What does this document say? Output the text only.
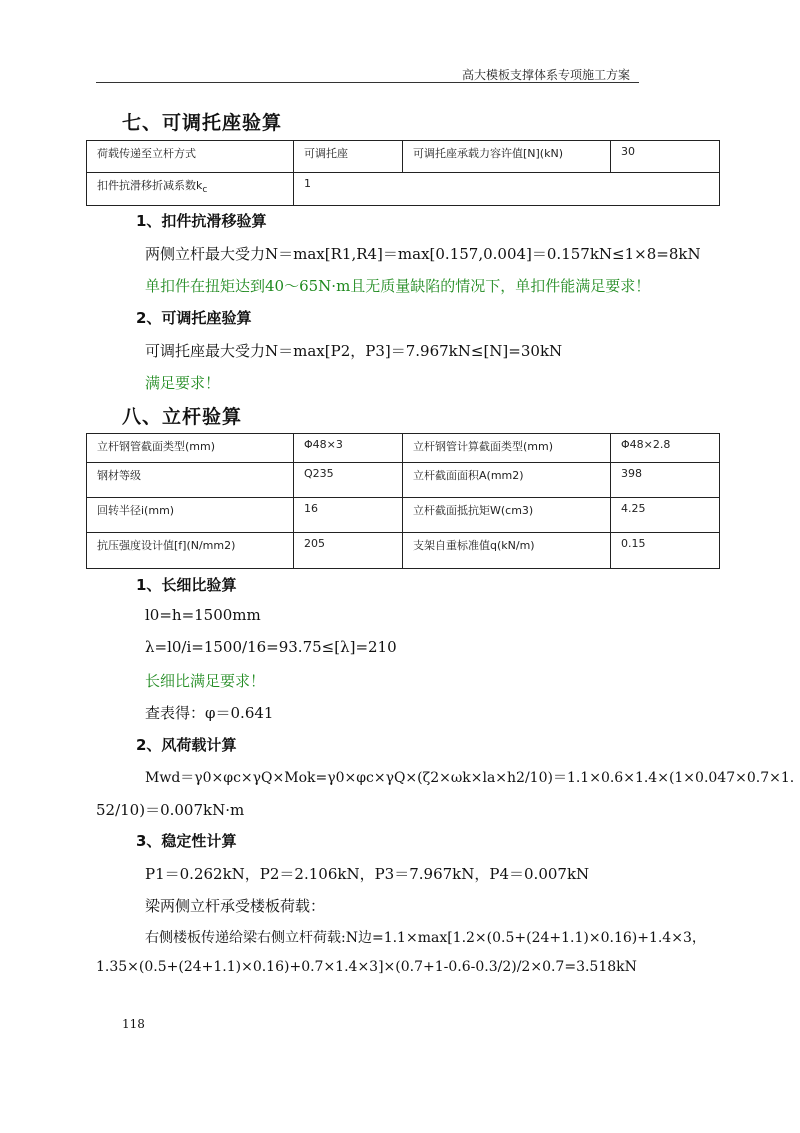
高大模板支撑体系专项施工方案
七、可调托座验算
荷载传递至立杆方式	可调托座	可调托座承载力容许值[N](kN)	30
扣件抗滑移折减系数$k_c$	1		
1、扣件抗滑移验算
两侧立杆最大受力N＝max[R1,R4]＝max[0.157,0.004]＝0.157kN≤1×8=8kN
单扣件在扭矩达到40～65N·m且无质量缺陷的情况下，单扣件能满足要求！
2、可调托座验算
可调托座最大受力N＝max[P2，P3]＝7.967kN≤[N]=30kN
满足要求！
八、立杆验算
立杆钢管截面类型(mm)	Φ48×3	立杆钢管计算截面类型(mm)	Φ48×2.8
钢材等级	Q235	立杆截面面积A(mm2)	398
回转半径i(mm)	16	立杆截面抵抗矩W(cm3)	4.25
抗压强度设计值[f](N/mm2)	205	支架自重标准值q(kN/m)	0.15
1、长细比验算
l0=h=1500mm
λ=l0/i=1500/16=93.75≤[λ]=210
长细比满足要求！
查表得：φ＝0.641
2、风荷载计算
Mwd＝γ0×φc×γQ×Mok=γ0×φc×γQ×(ζ2×ωk×la×h2/10)＝1.1×0.6×1.4×(1×0.047×0.7×1.
52/10)＝0.007kN·m
3、稳定性计算
P1＝0.262kN，P2＝2.106kN，P3＝7.967kN，P4＝0.007kN
梁两侧立杆承受楼板荷载：
右侧楼板传递给梁右侧立杆荷载:N边=1.1×max[1.2×(0.5+(24+1.1)×0.16)+1.4×3，
1.35×(0.5+(24+1.1)×0.16)+0.7×1.4×3]×(0.7+1-0.6-0.3/2)/2×0.7=3.518kN
118
